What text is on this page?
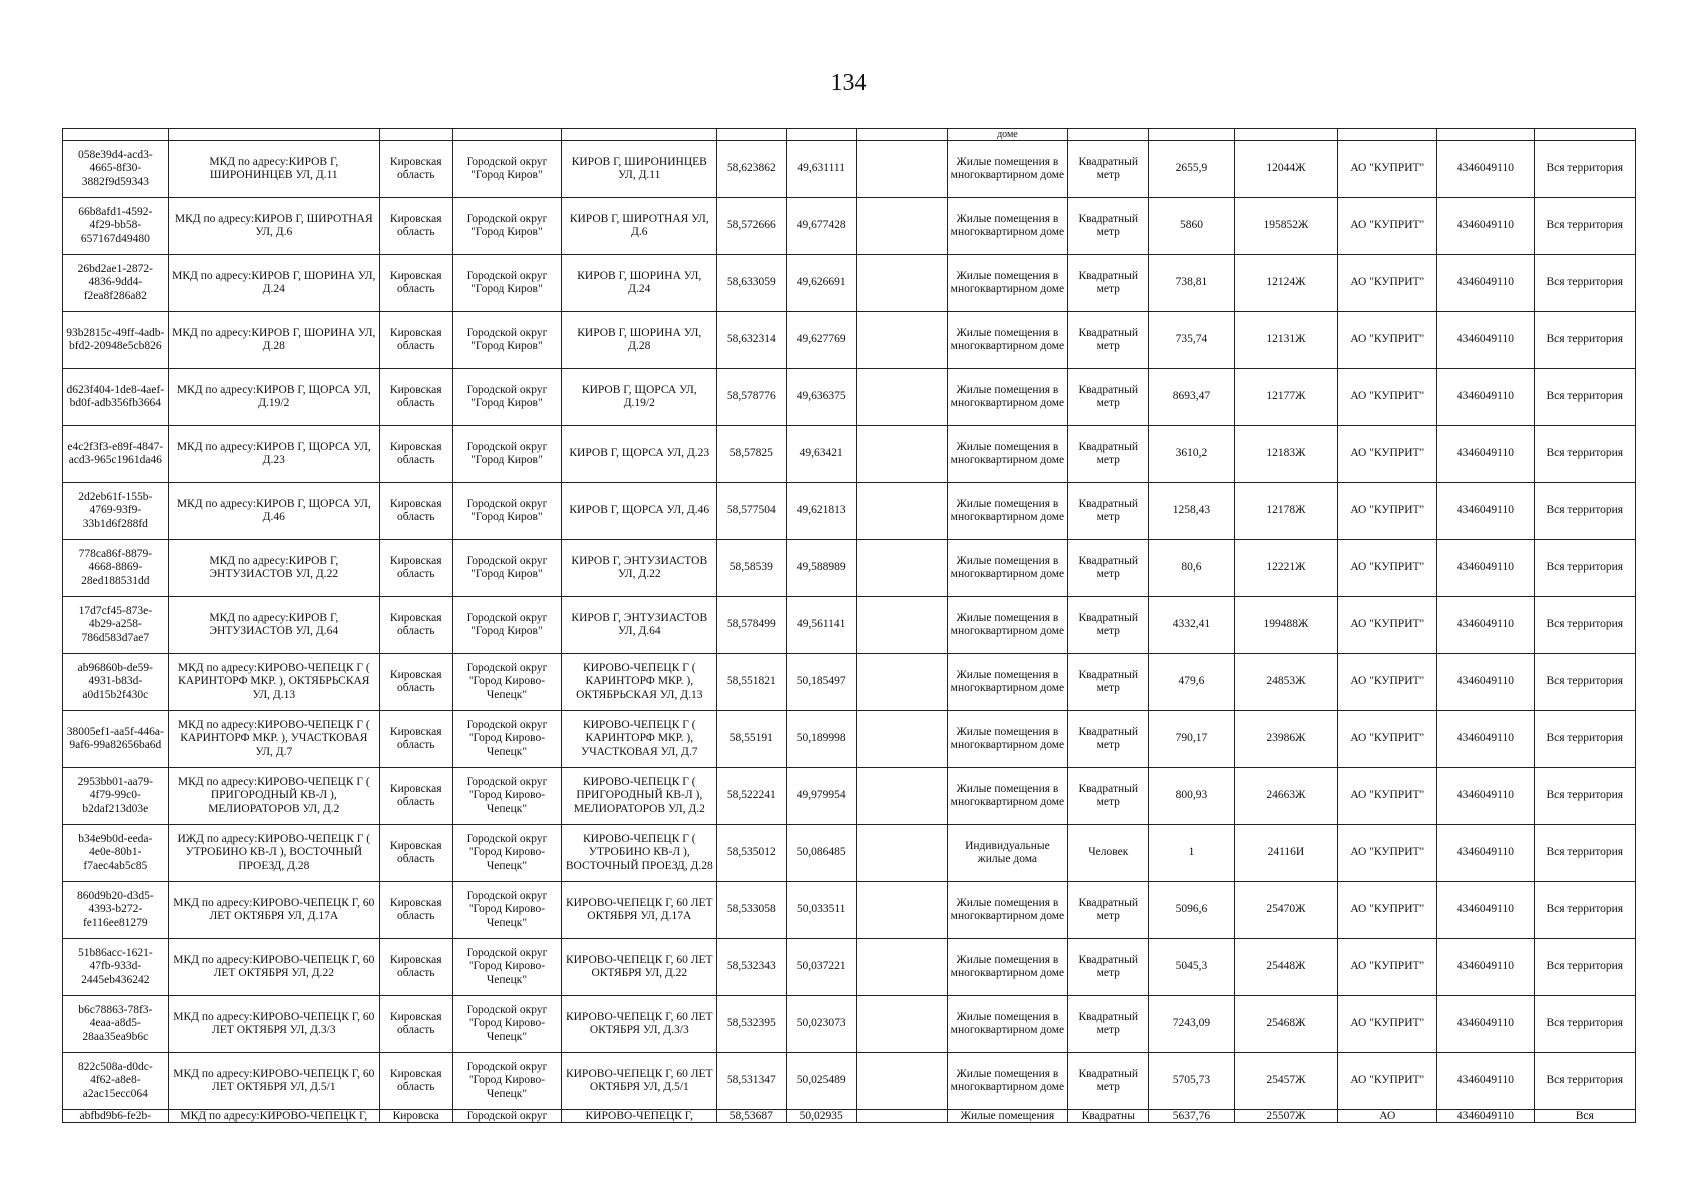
134
								доме						
058e39d4-acd3-4665-8f30-3882f9d59343	МКД по адресу:КИРОВ Г, ШИРОНИНЦЕВ УЛ, Д.11	Кировская область	Городской округ "Город Киров"	КИРОВ Г, ШИРОНИНЦЕВ УЛ, Д.11	58,623862	49,631111		Жилые помещения в многоквартирном доме	Квадратный метр	2655,9	12044Ж	АО "КУПРИТ"	4346049110	Вся территория
66b8afd1-4592-4f29-bb58-657167d49480	МКД по адресу:КИРОВ Г, ШИРОТНАЯ УЛ, Д.6	Кировская область	Городской округ "Город Киров"	КИРОВ Г, ШИРОТНАЯ УЛ, Д.6	58,572666	49,677428		Жилые помещения в многоквартирном доме	Квадратный метр	5860	195852Ж	АО "КУПРИТ"	4346049110	Вся территория
26bd2ae1-2872-4836-9dd4-f2ea8f286a82	МКД по адресу:КИРОВ Г, ШОРИНА УЛ, Д.24	Кировская область	Городской округ "Город Киров"	КИРОВ Г, ШОРИНА УЛ, Д.24	58,633059	49,626691		Жилые помещения в многоквартирном доме	Квадратный метр	738,81	12124Ж	АО "КУПРИТ"	4346049110	Вся территория
93b2815c-49ff-4adb-bfd2-20948e5cb826	МКД по адресу:КИРОВ Г, ШОРИНА УЛ, Д.28	Кировская область	Городской округ "Город Киров"	КИРОВ Г, ШОРИНА УЛ, Д.28	58,632314	49,627769		Жилые помещения в многоквартирном доме	Квадратный метр	735,74	12131Ж	АО "КУПРИТ"	4346049110	Вся территория
d623f404-1de8-4aef-bd0f-adb356fb3664	МКД по адресу:КИРОВ Г, ЩОРСА УЛ, Д.19/2	Кировская область	Городской округ "Город Киров"	КИРОВ Г, ЩОРСА УЛ, Д.19/2	58,578776	49,636375		Жилые помещения в многоквартирном доме	Квадратный метр	8693,47	12177Ж	АО "КУПРИТ"	4346049110	Вся территория
e4c2f3f3-e89f-4847-acd3-965c1961da46	МКД по адресу:КИРОВ Г, ЩОРСА УЛ, Д.23	Кировская область	Городской округ "Город Киров"	КИРОВ Г, ЩОРСА УЛ, Д.23	58,57825	49,63421		Жилые помещения в многоквартирном доме	Квадратный метр	3610,2	12183Ж	АО "КУПРИТ"	4346049110	Вся территория
2d2eb61f-155b-4769-93f9-33b1d6f288fd	МКД по адресу:КИРОВ Г, ЩОРСА УЛ, Д.46	Кировская область	Городской округ "Город Киров"	КИРОВ Г, ЩОРСА УЛ, Д.46	58,577504	49,621813		Жилые помещения в многоквартирном доме	Квадратный метр	1258,43	12178Ж	АО "КУПРИТ"	4346049110	Вся территория
778ca86f-8879-4668-8869-28ed188531dd	МКД по адресу:КИРОВ Г, ЭНТУЗИАСТОВ УЛ, Д.22	Кировская область	Городской округ "Город Киров"	КИРОВ Г, ЭНТУЗИАСТОВ УЛ, Д.22	58,58539	49,588989		Жилые помещения в многоквартирном доме	Квадратный метр	80,6	12221Ж	АО "КУПРИТ"	4346049110	Вся территория
17d7cf45-873e-4b29-a258-786d583d7ae7	МКД по адресу:КИРОВ Г, ЭНТУЗИАСТОВ УЛ, Д.64	Кировская область	Городской округ "Город Киров"	КИРОВ Г, ЭНТУЗИАСТОВ УЛ, Д.64	58,578499	49,561141		Жилые помещения в многоквартирном доме	Квадратный метр	4332,41	199488Ж	АО "КУПРИТ"	4346049110	Вся территория
ab96860b-de59-4931-b83d-a0d15b2f430c	МКД по адресу:КИРОВО-ЧЕПЕЦК Г ( КАРИНТОРФ МКР. ), ОКТЯБРЬСКАЯ УЛ, Д.13	Кировская область	Городской округ "Город Кирово-Чепецк"	КИРОВО-ЧЕПЕЦК Г ( КАРИНТОРФ МКР. ), ОКТЯБРЬСКАЯ УЛ, Д.13	58,551821	50,185497		Жилые помещения в многоквартирном доме	Квадратный метр	479,6	24853Ж	АО "КУПРИТ"	4346049110	Вся территория
38005ef1-aa5f-446a-9af6-99a82656ba6d	МКД по адресу:КИРОВО-ЧЕПЕЦК Г ( КАРИНТОРФ МКР. ), УЧАСТКОВАЯ УЛ, Д.7	Кировская область	Городской округ "Город Кирово-Чепецк"	КИРОВО-ЧЕПЕЦК Г ( КАРИНТОРФ МКР. ), УЧАСТКОВАЯ УЛ, Д.7	58,55191	50,189998		Жилые помещения в многоквартирном доме	Квадратный метр	790,17	23986Ж	АО "КУПРИТ"	4346049110	Вся территория
2953bb01-aa79-4f79-99c0-b2daf213d03e	МКД по адресу:КИРОВО-ЧЕПЕЦК Г ( ПРИГОРОДНЫЙ КВ-Л ), МЕЛИОРАТОРОВ УЛ, Д.2	Кировская область	Городской округ "Город Кирово-Чепецк"	КИРОВО-ЧЕПЕЦК Г ( ПРИГОРОДНЫЙ КВ-Л ), МЕЛИОРАТОРОВ УЛ, Д.2	58,522241	49,979954		Жилые помещения в многоквартирном доме	Квадратный метр	800,93	24663Ж	АО "КУПРИТ"	4346049110	Вся территория
b34e9b0d-eeda-4e0e-80b1-f7aec4ab5c85	ИЖД по адресу:КИРОВО-ЧЕПЕЦК Г ( УТРОБИНО КВ-Л ), ВОСТОЧНЫЙ ПРОЕЗД, Д.28	Кировская область	Городской округ "Город Кирово-Чепецк"	КИРОВО-ЧЕПЕЦК Г ( УТРОБИНО КВ-Л ), ВОСТОЧНЫЙ ПРОЕЗД, Д.28	58,535012	50,086485		Индивидуальные жилые дома	Человек	1	24116И	АО "КУПРИТ"	4346049110	Вся территория
860d9b20-d3d5-4393-b272-fe116ee81279	МКД по адресу:КИРОВО-ЧЕПЕЦК Г, 60 ЛЕТ ОКТЯБРЯ УЛ, Д.17А	Кировская область	Городской округ "Город Кирово-Чепецк"	КИРОВО-ЧЕПЕЦК Г, 60 ЛЕТ ОКТЯБРЯ УЛ, Д.17А	58,533058	50,033511		Жилые помещения в многоквартирном доме	Квадратный метр	5096,6	25470Ж	АО "КУПРИТ"	4346049110	Вся территория
51b86acc-1621-47fb-933d-2445eb436242	МКД по адресу:КИРОВО-ЧЕПЕЦК Г, 60 ЛЕТ ОКТЯБРЯ УЛ, Д.22	Кировская область	Городской округ "Город Кирово-Чепецк"	КИРОВО-ЧЕПЕЦК Г, 60 ЛЕТ ОКТЯБРЯ УЛ, Д.22	58,532343	50,037221		Жилые помещения в многоквартирном доме	Квадратный метр	5045,3	25448Ж	АО "КУПРИТ"	4346049110	Вся территория
b6c78863-78f3-4eaa-a8d5-28aa35ea9b6c	МКД по адресу:КИРОВО-ЧЕПЕЦК Г, 60 ЛЕТ ОКТЯБРЯ УЛ, Д.3/3	Кировская область	Городской округ "Город Кирово-Чепецк"	КИРОВО-ЧЕПЕЦК Г, 60 ЛЕТ ОКТЯБРЯ УЛ, Д.3/3	58,532395	50,023073		Жилые помещения в многоквартирном доме	Квадратный метр	7243,09	25468Ж	АО "КУПРИТ"	4346049110	Вся территория
822c508a-d0dc-4f62-a8e8-a2ac15ecc064	МКД по адресу:КИРОВО-ЧЕПЕЦК Г, 60 ЛЕТ ОКТЯБРЯ УЛ, Д.5/1	Кировская область	Городской округ "Город Кирово-Чепецк"	КИРОВО-ЧЕПЕЦК Г, 60 ЛЕТ ОКТЯБРЯ УЛ, Д.5/1	58,531347	50,025489		Жилые помещения в многоквартирном доме	Квадратный метр	5705,73	25457Ж	АО "КУПРИТ"	4346049110	Вся территория
abfbd9b6-fe2b-	МКД по адресу:КИРОВО-ЧЕПЕЦК Г,	Кировска	Городской округ	КИРОВО-ЧЕПЕЦК Г,	58,53687	50,02935		Жилые помещения	Квадратны	5637,76	25507Ж	АО	4346049110	Вся
